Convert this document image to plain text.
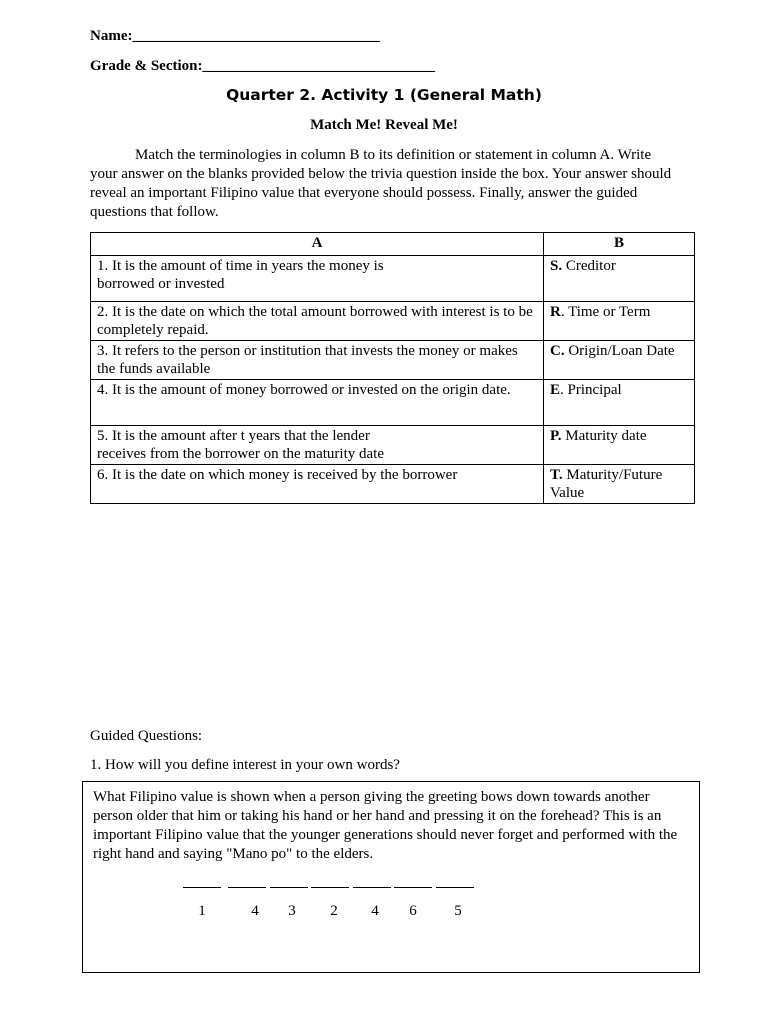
Name:_________________________________
Grade & Section:_______________________________
Quarter 2. Activity 1 (General Math)
Match Me! Reveal Me!
Match the terminologies in column B to its definition or statement in column A. Write your answer on the blanks provided below the trivia question inside the box. Your answer should reveal an important Filipino value that everyone should possess. Finally, answer the guided questions that follow.
A	B

1. It is the amount of time in years the money is
borrowed or invested	S. Creditor

2. It is the date on which the total amount borrowed with interest is to be
completely repaid.	R. Time or Term

3. It refers to the person or institution that invests the money or makes
the funds available	C. Origin/Loan Date

4. It is the amount of money borrowed or invested on the origin date.	E. Principal

5. It is the amount after t years that the lender
receives from the borrower on the maturity date	P. Maturity date

6. It is the date on which money is received by the borrower	T. Maturity/Future Value
Guided Questions:
1. How will you define interest in your own words?
What Filipino value is shown when a person giving the greeting bows down towards another person older that him or taking his hand or her hand and pressing it on the forehead? This is an important Filipino value that the younger generations should never forget and performed with the right hand and saying "Mano po" to the elders.
1	4	3	2	4	6	5
